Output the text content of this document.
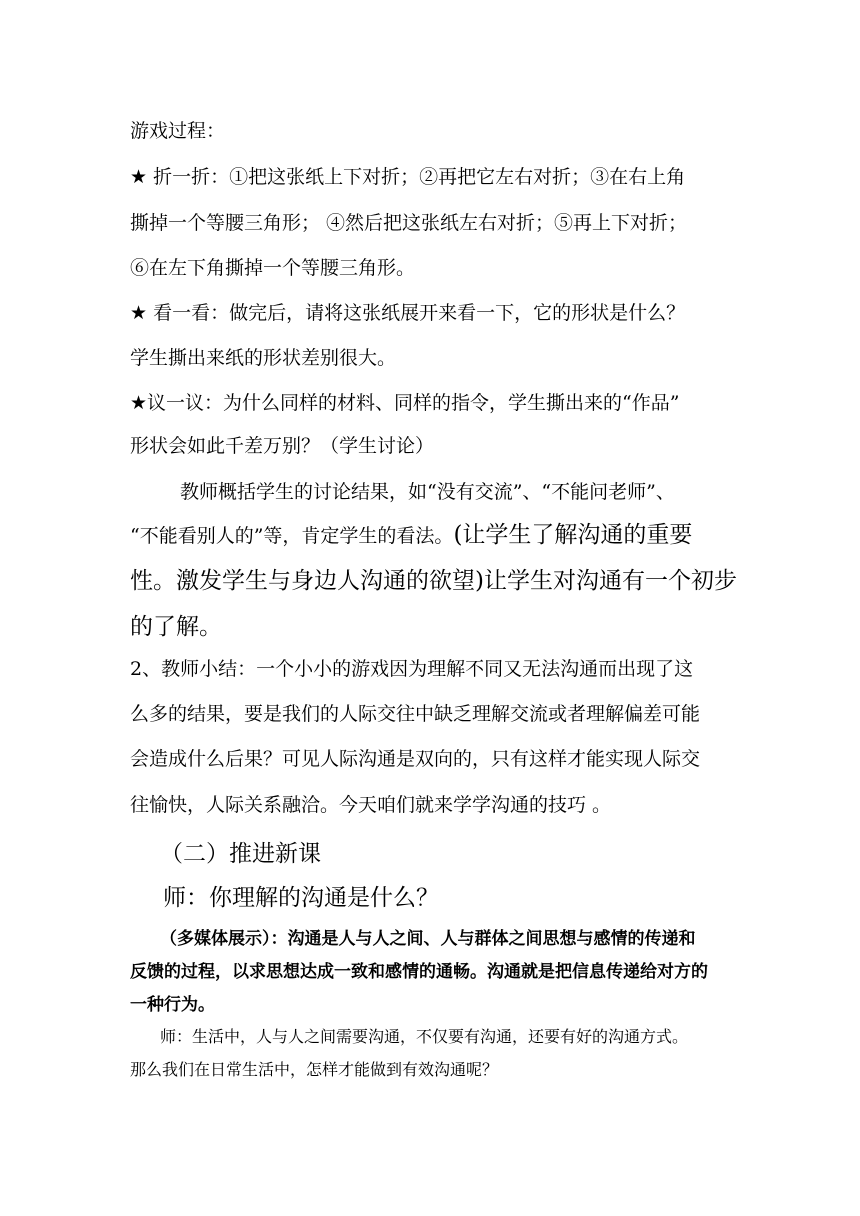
游戏过程：
★ 折一折：①把这张纸上下对折；②再把它左右对折；③在右上角
撕掉一个等腰三角形； ④然后把这张纸左右对折；⑤再上下对折；
⑥在左下角撕掉一个等腰三角形。
★ 看一看：做完后，请将这张纸展开来看一下，它的形状是什么？
学生撕出来纸的形状差别很大。
★议一议：为什么同样的材料、同样的指令，学生撕出来的“作品”
形状会如此千差万别？（学生讨论）
教师概括学生的讨论结果，如“没有交流”、“不能问老师”、
“不能看别人的”等，肯定学生的看法。(让学生了解沟通的重要
性。激发学生与身边人沟通的欲望)让学生对沟通有一个初步
的了解。
2、教师小结：一个小小的游戏因为理解不同又无法沟通而出现了这
么多的结果，要是我们的人际交往中缺乏理解交流或者理解偏差可能
会造成什么后果？可见人际沟通是双向的，只有这样才能实现人际交
往愉快，人际关系融洽。今天咱们就来学学沟通的技巧 。
（二）推进新课
师：你理解的沟通是什么？
（多媒体展示）：沟通是人与人之间、人与群体之间思想与感情的传递和
反馈的过程，以求思想达成一致和感情的通畅。沟通就是把信息传递给对方的
一种行为。
师：生活中，人与人之间需要沟通，不仅要有沟通，还要有好的沟通方式。
那么我们在日常生活中，怎样才能做到有效沟通呢？
